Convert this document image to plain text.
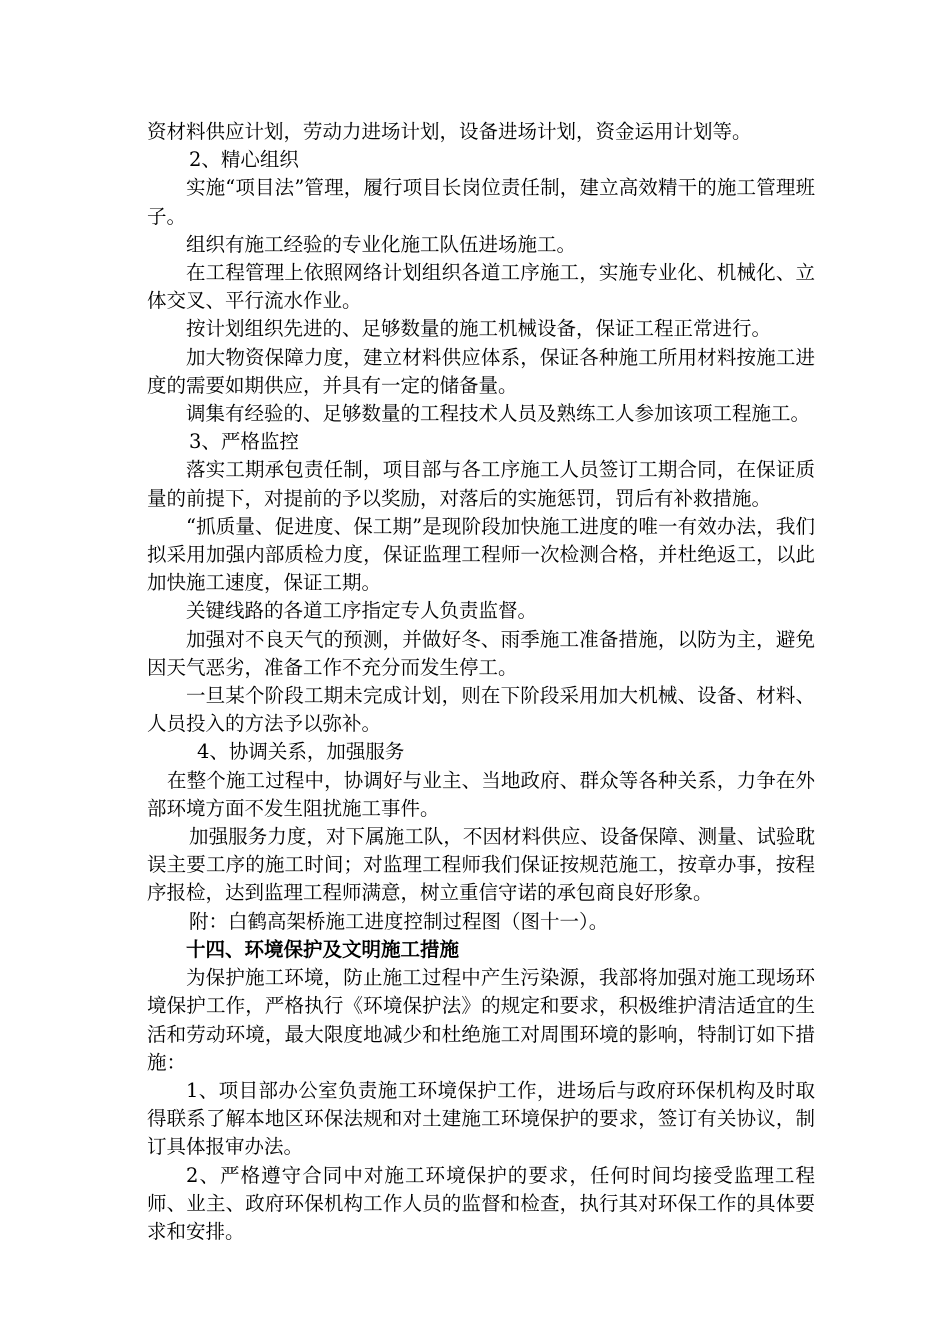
资材料供应计划，劳动力进场计划，设备进场计划，资金运用计划等。

2、精心组织

实施“项目法”管理，履行项目长岗位责任制，建立高效精干的施工管理班子。

组织有施工经验的专业化施工队伍进场施工。

在工程管理上依照网络计划组织各道工序施工，实施专业化、机械化、立体交叉、平行流水作业。

按计划组织先进的、足够数量的施工机械设备，保证工程正常进行。

加大物资保障力度，建立材料供应体系，保证各种施工所用材料按施工进度的需要如期供应，并具有一定的储备量。

调集有经验的、足够数量的工程技术人员及熟练工人参加该项工程施工。

3、严格监控

落实工期承包责任制，项目部与各工序施工人员签订工期合同，在保证质量的前提下，对提前的予以奖励，对落后的实施惩罚，罚后有补救措施。

“抓质量、促进度、保工期”是现阶段加快施工进度的唯一有效办法，我们拟采用加强内部质检力度，保证监理工程师一次检测合格，并杜绝返工，以此加快施工速度，保证工期。

关键线路的各道工序指定专人负责监督。

加强对不良天气的预测，并做好冬、雨季施工准备措施，以防为主，避免因天气恶劣，准备工作不充分而发生停工。

一旦某个阶段工期未完成计划，则在下阶段采用加大机械、设备、材料、人员投入的方法予以弥补。

4、协调关系，加强服务

在整个施工过程中，协调好与业主、当地政府、群众等各种关系，力争在外部环境方面不发生阻扰施工事件。

加强服务力度，对下属施工队，不因材料供应、设备保障、测量、试验耽误主要工序的施工时间；对监理工程师我们保证按规范施工，按章办事，按程序报检，达到监理工程师满意，树立重信守诺的承包商良好形象。

附：白鹤高架桥施工进度控制过程图（图十一）。

十四、环境保护及文明施工措施

为保护施工环境，防止施工过程中产生污染源，我部将加强对施工现场环境保护工作，严格执行《环境保护法》的规定和要求，积极维护清洁适宜的生活和劳动环境，最大限度地减少和杜绝施工对周围环境的影响，特制订如下措施：

1、项目部办公室负责施工环境保护工作，进场后与政府环保机构及时取得联系了解本地区环保法规和对土建施工环境保护的要求，签订有关协议，制订具体报审办法。

2、严格遵守合同中对施工环境保护的要求，任何时间均接受监理工程师、业主、政府环保机构工作人员的监督和检查，执行其对环保工作的具体要求和安排。
